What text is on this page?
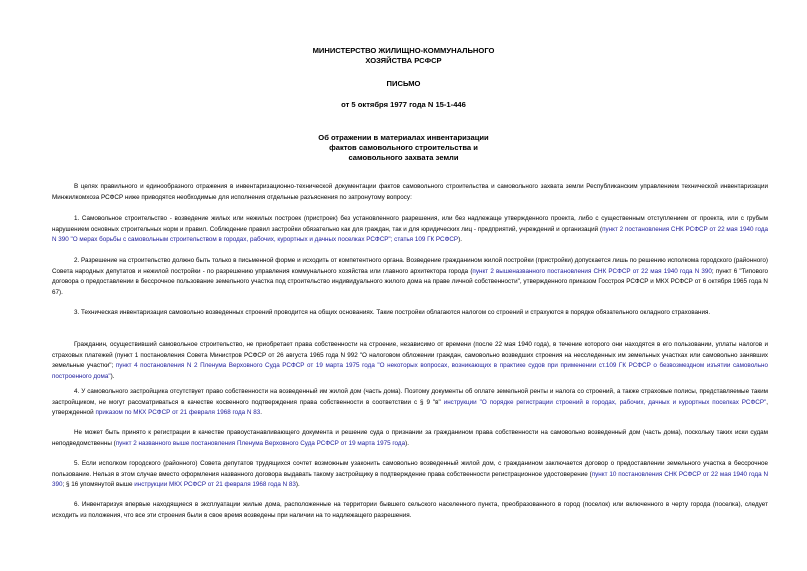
МИНИСТЕРСТВО ЖИЛИЩНО-КОММУНАЛЬНОГО
ХОЗЯЙСТВА РСФСР
ПИСЬМО
от 5 октября 1977 года N 15-1-446
Об отражении в материалах инвентаризации
фактов самовольного строительства и
самовольного захвата земли

В целях правильного и единообразного отражения в инвентаризационно-технической документации фактов самовольного строительства и самовольного захвата земли Республиканским управлением технической инвентаризации Минжилкомхоза РСФСР ниже приводятся необходимые для исполнения отдельные разъяснения по затронутому вопросу:

1. Самовольное строительство - возведение жилых или нежилых построек (пристроек) без установленного разрешения, или без надлежаще утвержденного проекта, либо с существенным отступлением от проекта, или с грубым нарушением основных строительных норм и правил. Соблюдение правил застройки обязательно как для граждан, так и для юридических лиц - предприятий, учреждений и организаций (пункт 2 постановления СНК РСФСР от 22 мая 1940 года N 390 "О мерах борьбы с самовольным строительством в городах, рабочих, курортных и дачных поселках РСФСР"; статья 109 ГК РСФСР).

2. Разрешение на строительство должно быть только в письменной форме и исходить от компетентного органа. Возведение гражданином жилой постройки (пристройки) допускается лишь по решению исполкома городского (районного) Совета народных депутатов и нежилой постройки - по разрешению управления коммунального хозяйства или главного архитектора города (пункт 2 вышеназванного постановления СНК РСФСР от 22 мая 1940 года N 390; пункт 6 "Типового договора о предоставлении в бессрочное пользование земельного участка под строительство индивидуального жилого дома на праве личной собственности", утвержденного приказом Госстроя РСФСР и МКХ РСФСР от 6 октября 1965 года N 67).

3. Техническая инвентаризация самовольно возведенных строений проводится на общих основаниях. Такие постройки облагаются налогом со строений и страхуются в порядке обязательного окладного страхования.

Гражданин, осуществивший самовольное строительство, не приобретает права собственности на строение, независимо от времени (после 22 мая 1940 года), в течение которого они находятся в его пользовании, уплаты налогов и страховых платежей (пункт 1 постановления Совета Министров РСФСР от 26 августа 1965 года N 992 "О налоговом обложении граждан, самовольно возведших строения на несследенных им земельных участках или самовольно занявших земельные участки"; пункт 4 постановления N 2 Пленума Верховного Суда РСФСР от 19 марта 1975 года "О некоторых вопросах, возникающих в практике судов при применении ст.109 ГК РСФСР о безвозмездном изъятии самовольно построенного дома").

4. У самовольного застройщика отсутствует право собственности на возведенный им жилой дом (часть дома). Поэтому документы об оплате земельной ренты и налога со строений, а также страховые полисы, представляемые таким застройщиком, не могут рассматриваться в качестве косвенного подтверждения права собственности в соответствии с § 9 "в" инструкции "О порядке регистрации строений в городах, рабочих, дачных и курортных поселках РСФСР", утвержденной приказом по МКХ РСФСР от 21 февраля 1968 года N 83.

Не может быть принято к регистрации в качестве правоустанавливающего документа и решение суда о признании за гражданином права собственности на самовольно возведенный дом (часть дома), поскольку таких иски судам неподведомственны (пункт 2 названного выше постановления Пленума Верховного Суда РСФСР от 19 марта 1975 года).

5. Если исполком городского (районного) Совета депутатов трудящихся сочтет возможным узаконить самовольно возведенный жилой дом, с гражданином заключается договор о предоставлении земельного участка в бессрочное пользование. Нельзя в этом случае вместо оформления названного договора выдавать такому застройщику в подтверждение права собственности регистрационное удостоверение (пункт 10 постановления СНК РСФСР от 22 мая 1940 года N 390; § 16 упомянутой выше инструкции МКХ РСФСР от 21 февраля 1968 года N 83).

6. Инвентаризуя впервые находящиеся в эксплуатации жилые дома, расположенные на территории бывшего сельского населенного пункта, преобразованного в город (поселок) или включенного в черту города (поселка), следует исходить из положения, что все эти строения были в свое время возведены при наличии на то надлежащего разрешения.
